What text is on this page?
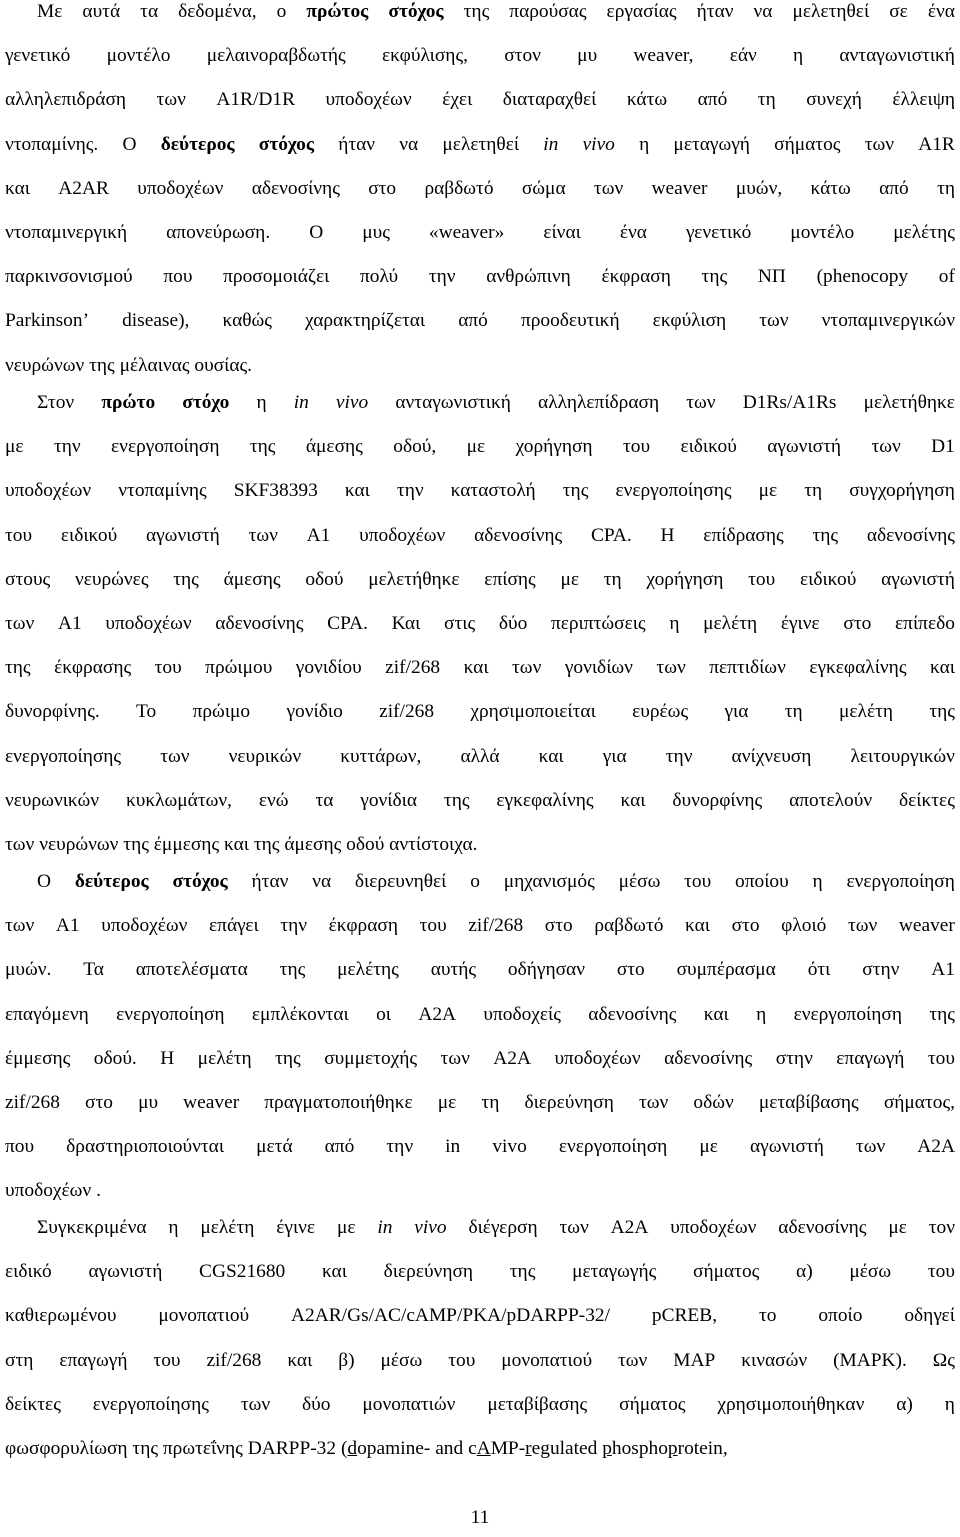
Με αυτά τα δεδομένα, ο πρώτος στόχος της παρούσας εργασίας ήταν να μελετηθεί σε ένα
γενετικό μοντέλο μελαινοραβδωτής εκφύλισης, στον μυ weaver, εάν η ανταγωνιστική
αλληλεπιδράση των A1R/D1R υποδοχέων έχει διαταραχθεί κάτω από τη συνεχή έλλειψη
ντοπαμίνης. Ο δεύτερος στόχος ήταν να μελετηθεί in vivo η μεταγωγή σήματος των A1R
και A2AR υποδοχέων αδενοσίνης στο ραβδωτό σώμα των weaver μυών, κάτω από τη
ντοπαμινεργική απονεύρωση. Ο μυς «weaver» είναι ένα γενετικό μοντέλο μελέτης
παρκινσονισμού που προσομοιάζει πολύ την ανθρώπινη έκφραση της ΝΠ (phenocopy of
Parkinson’ disease), καθώς χαρακτηρίζεται από προοδευτική εκφύλιση των ντοπαμινεργικών
νευρώνων της μέλαινας ουσίας.
Στον πρώτο στόχο η in vivo ανταγωνιστική αλληλεπίδραση των D1Rs/A1Rs μελετήθηκε
με την ενεργοποίηση της άμεσης οδού, με χορήγηση του ειδικού αγωνιστή των D1
υποδοχέων ντοπαμίνης SKF38393 και την καταστολή της ενεργοποίησης με τη συγχορήγηση
του ειδικού αγωνιστή των A1 υποδοχέων αδενοσίνης CPA. Η επίδρασης της αδενοσίνης
στους νευρώνες της άμεσης οδού μελετήθηκε επίσης με τη χορήγηση του ειδικού αγωνιστή
των A1 υποδοχέων αδενοσίνης CPA. Και στις δύο περιπτώσεις η μελέτη έγινε στο επίπεδο
της έκφρασης του πρώιμου γονιδίου zif/268 και των γονιδίων των πεπτιδίων εγκεφαλίνης και
δυνορφίνης. Το πρώιμο γονίδιο zif/268 χρησιμοποιείται ευρέως για τη μελέτη της
ενεργοποίησης των νευρικών κυττάρων, αλλά και για την ανίχνευση λειτουργικών
νευρωνικών κυκλωμάτων, ενώ τα γονίδια της εγκεφαλίνης και δυνορφίνης αποτελούν δείκτες
των νευρώνων της έμμεσης και της άμεσης οδού αντίστοιχα.
Ο δεύτερος στόχος ήταν να διερευνηθεί ο μηχανισμός μέσω του οποίου η ενεργοποίηση
των A1 υποδοχέων επάγει την έκφραση του zif/268 στο ραβδωτό και στο φλοιό των weaver
μυών. Τα αποτελέσματα της μελέτης αυτής οδήγησαν στο συμπέρασμα ότι στην A1
επαγόμενη ενεργοποίηση εμπλέκονται οι A2A υποδοχείς αδενοσίνης και η ενεργοποίηση της
έμμεσης οδού. Η μελέτη της συμμετοχής των A2A υποδοχέων αδενοσίνης στην επαγωγή του
zif/268 στο μυ weaver πραγματοποιήθηκε με τη διερεύνηση των οδών μεταβίβασης σήματος,
που δραστηριοποιούνται μετά από την in vivo ενεργοποίηση με αγωνιστή των A2A
υποδοχέων .
Συγκεκριμένα η μελέτη έγινε με in vivo διέγερση των A2A υποδοχέων αδενοσίνης με τον
ειδικό αγωνιστή CGS21680 και διερεύνηση της μεταγωγής σήματος α) μέσω του
καθιερωμένου μονοπατιού A2AR/Gs/AC/cAMP/PKA/pDARPP-32/ pCREB, το οποίο οδηγεί
στη επαγωγή του zif/268 και β) μέσω του μονοπατιού των MAP κινασών (MAPK). Ως
δείκτες ενεργοποίησης των δύο μονοπατιών μεταβίβασης σήματος χρησιμοποιήθηκαν α) η
φωσφορυλίωση της πρωτεΐνης DARPP-32 (dopamine- and cAMP-regulated phosphoprotein,
11
